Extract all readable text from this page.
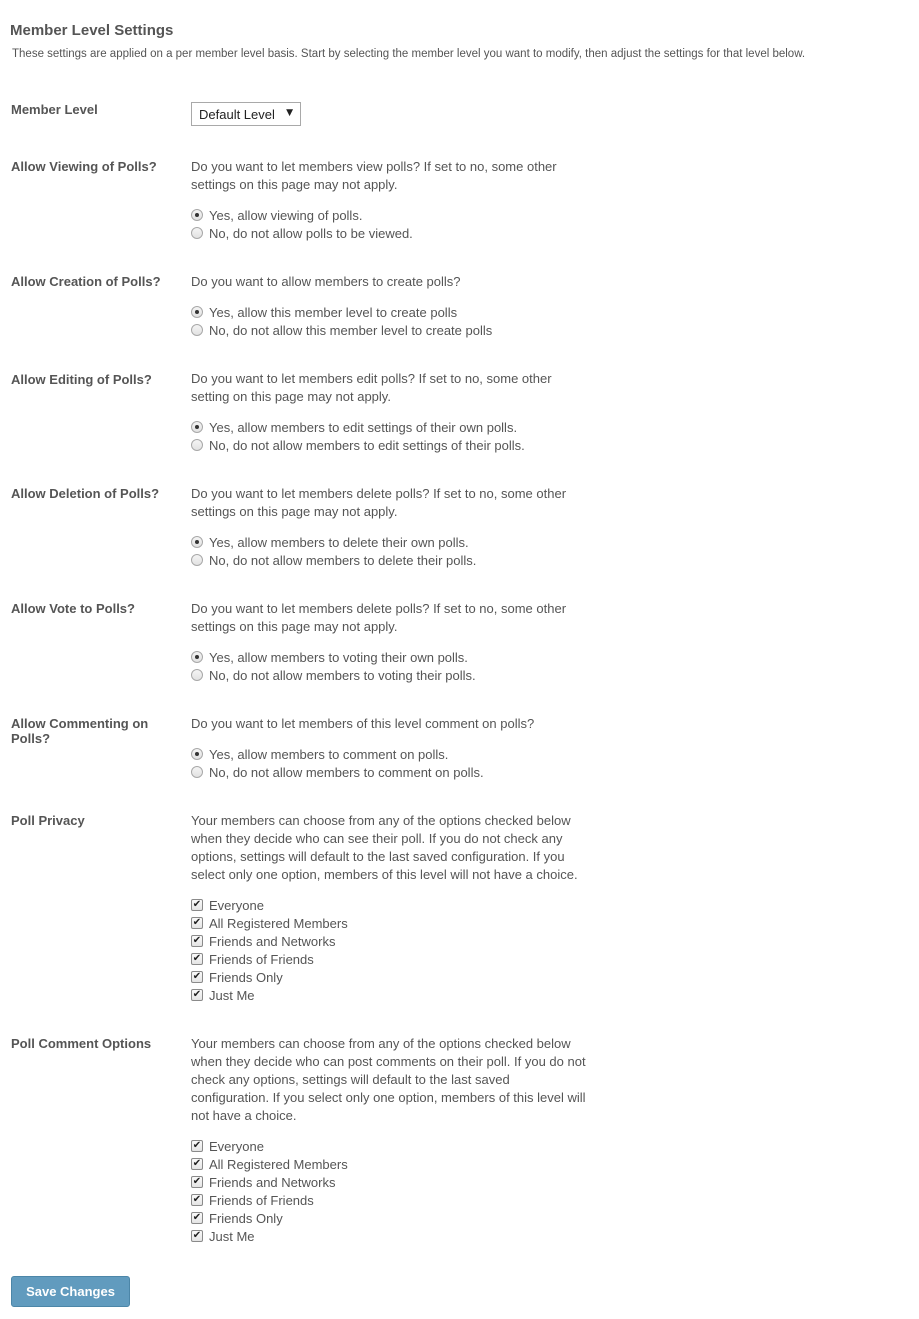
Member Level Settings

These settings are applied on a per member level basis. Start by selecting the member level you want to modify, then adjust the settings for that level below.

Member Level	Default Level ▼
Allow Viewing of Polls?	Do you want to let members view polls? If set to no, some other settings on this page may not apply.

Yes, allow viewing of polls.
No, do not allow polls to be viewed.
Allow Creation of Polls?	Do you want to allow members to create polls?

Yes, allow this member level to create polls
No, do not allow this member level to create polls
Allow Editing of Polls?	Do you want to let members edit polls? If set to no, some other setting on this page may not apply.

Yes, allow members to edit settings of their own polls.
No, do not allow members to edit settings of their polls.
Allow Deletion of Polls?	Do you want to let members delete polls? If set to no, some other settings on this page may not apply.

Yes, allow members to delete their own polls.
No, do not allow members to delete their polls.
Allow Vote to Polls?	Do you want to let members delete polls? If set to no, some other settings on this page may not apply.

Yes, allow members to voting their own polls.
No, do not allow members to voting their polls.
Allow Commenting on Polls?

Do you want to let members of this level comment on polls?

Yes, allow members to comment on polls.
No, do not allow members to comment on polls.
Poll Privacy	Your members can choose from any of the options checked below when they decide who can see their poll. If you do not check any options, settings will default to the last saved configuration. If you select only one option, members of this level will not have a choice.

✔ Everyone
✔ All Registered Members
✔ Friends and Networks
✔ Friends of Friends
✔ Friends Only
✔ Just Me
Poll Comment Options	Your members can choose from any of the options checked below when they decide who can post comments on their poll. If you do not check any options, settings will default to the last saved configuration. If you select only one option, members of this level will not have a choice.

✔ Everyone
✔ All Registered Members
✔ Friends and Networks
✔ Friends of Friends
✔ Friends Only
✔ Just Me
Save Changes
